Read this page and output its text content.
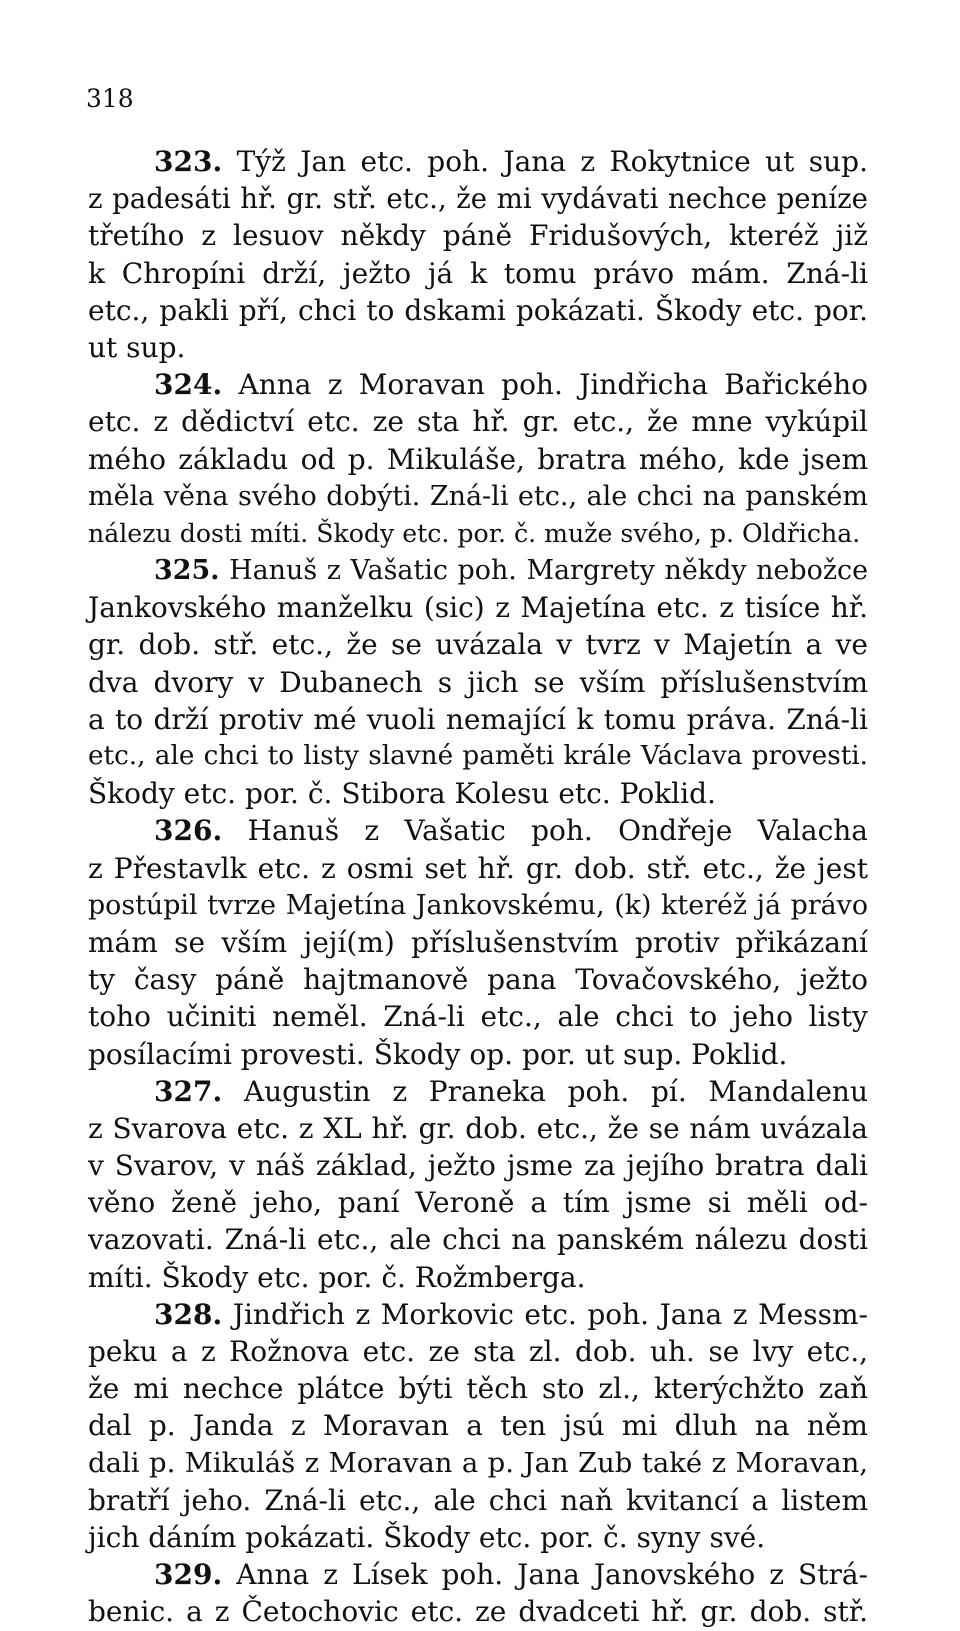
318
323. Týž Jan etc. poh. Jana z Rokytnice ut sup.
z padesáti hř. gr. stř. etc., že mi vydávati nechce peníze
třetího z lesuov někdy páně Fridušových, kteréž již
k Chropíni drží, ježto já k tomu právo mám. Zná-li
etc., pakli pří, chci to dskami pokázati. Škody etc. por.
ut sup.
324. Anna z Moravan poh. Jindřicha Bařického
etc. z dědictví etc. ze sta hř. gr. etc., že mne vykúpil
mého základu od p. Mikuláše, bratra mého, kde jsem
měla věna svého dobýti. Zná-li etc., ale chci na panském
nálezu dosti míti. Škody etc. por. č. muže svého, p. Oldřicha.
325. Hanuš z Vašatic poh. Margrety někdy nebožce
Jankovského manželku (sic) z Majetína etc. z tisíce hř.
gr. dob. stř. etc., že se uvázala v tvrz v Majetín a ve
dva dvory v Dubanech s jich se vším příslušenstvím
a to drží protiv mé vuoli nemající k tomu práva. Zná-li
etc., ale chci to listy slavné paměti krále Václava provesti.
Škody etc. por. č. Stibora Kolesu etc. Poklid.
326. Hanuš z Vašatic poh. Ondřeje Valacha
z Přestavlk etc. z osmi set hř. gr. dob. stř. etc., že jest
postúpil tvrze Majetína Jankovskému, (k) kteréž já právo
mám se vším její(m) příslušenstvím protiv přikázaní
ty časy páně hajtmanově pana Tovačovského, ježto
toho učiniti neměl. Zná-li etc., ale chci to jeho listy
posílacími provesti. Škody op. por. ut sup. Poklid.
327. Augustin z Praneka poh. pí. Mandalenu
z Svarova etc. z XL hř. gr. dob. etc., že se nám uvázala
v Svarov, v náš základ, ježto jsme za jejího bratra dali
věno ženě jeho, paní Veroně a tím jsme si měli od-
vazovati. Zná-li etc., ale chci na panském nálezu dosti
míti. Škody etc. por. č. Rožmberga.
328. Jindřich z Morkovic etc. poh. Jana z Messm-
peku a z Rožnova etc. ze sta zl. dob. uh. se lvy etc.,
že mi nechce plátce býti těch sto zl., kterýchžto zaň
dal p. Janda z Moravan a ten jsú mi dluh na něm
dali p. Mikuláš z Moravan a p. Jan Zub také z Moravan,
bratří jeho. Zná-li etc., ale chci naň kvitancí a listem
jich dáním pokázati. Škody etc. por. č. syny své.
329. Anna z Lísek poh. Jana Janovského z Strá-
benic. a z Četochovic etc. ze dvadceti hř. gr. dob. stř.
